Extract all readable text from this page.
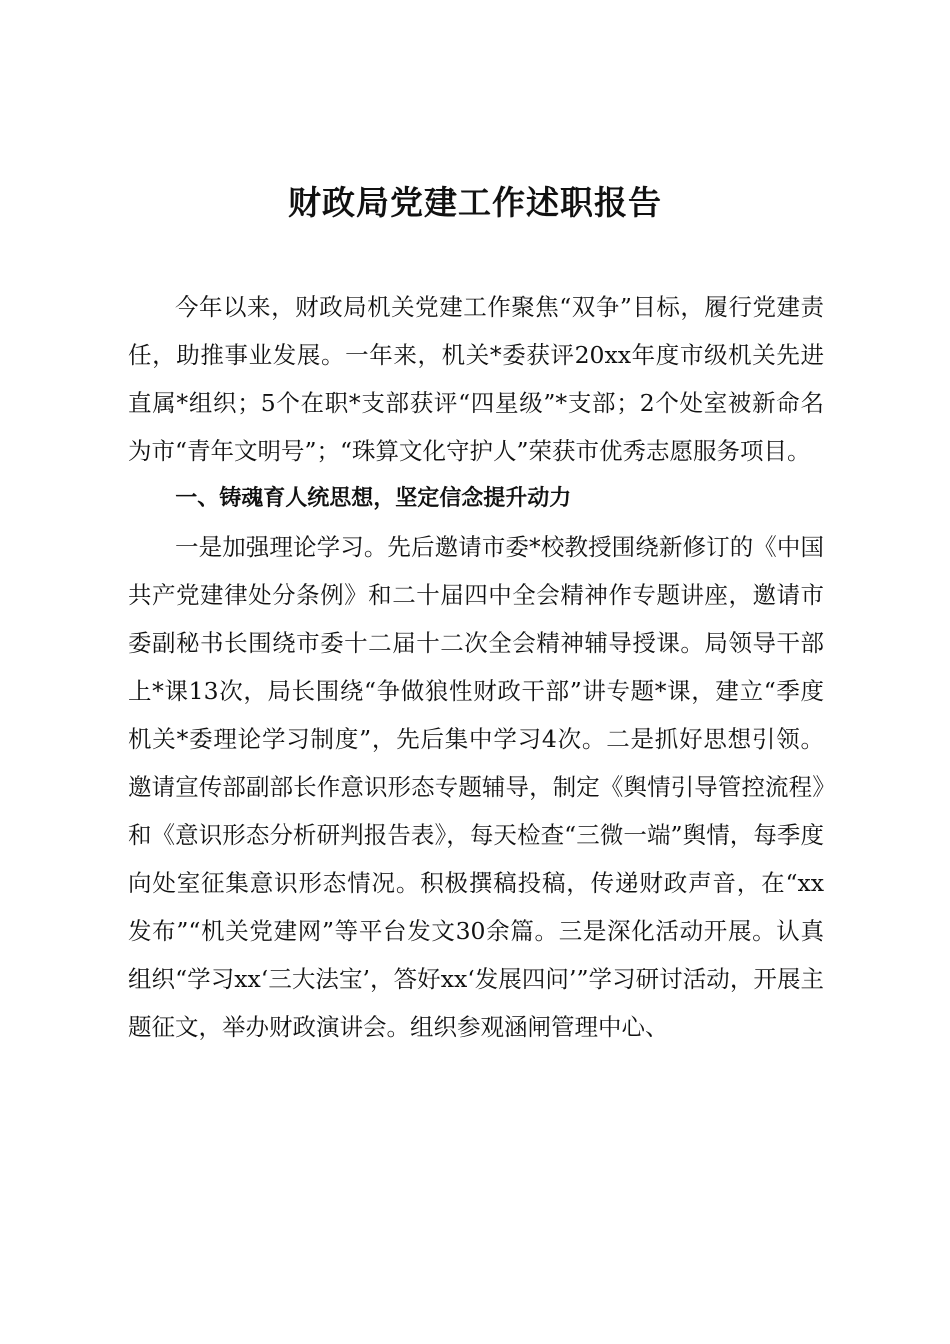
财政局党建工作述职报告

今年以来，财政局机关党建工作聚焦“双争”目标，履行党建责任，助推事业发展。一年来，机关*委获评20xx年度市级机关先进直属*组织；5个在职*支部获评“四星级”*支部；2个处室被新命名为市“青年文明号”；“珠算文化守护人”荣获市优秀志愿服务项目。

一、铸魂育人统思想，坚定信念提升动力

一是加强理论学习。先后邀请市委*校教授围绕新修订的《中国共产党建律处分条例》和二十届四中全会精神作专题讲座，邀请市委副秘书长围绕市委十二届十二次全会精神辅导授课。局领导干部上*课13次，局长围绕“争做狼性财政干部”讲专题*课，建立“季度机关*委理论学习制度”，先后集中学习4次。二是抓好思想引领。邀请宣传部副部长作意识形态专题辅导，制定《舆情引导管控流程》和《意识形态分析研判报告表》，每天检查“三微一端”舆情，每季度向处室征集意识形态情况。积极撰稿投稿，传递财政声音，在“xx发布”“机关党建网”等平台发文30余篇。三是深化活动开展。认真组织“学习xx‘三大法宝’，答好xx‘发展四问’”学习研讨活动，开展主题征文，举办财政演讲会。组织参观涵闸管理中心、
